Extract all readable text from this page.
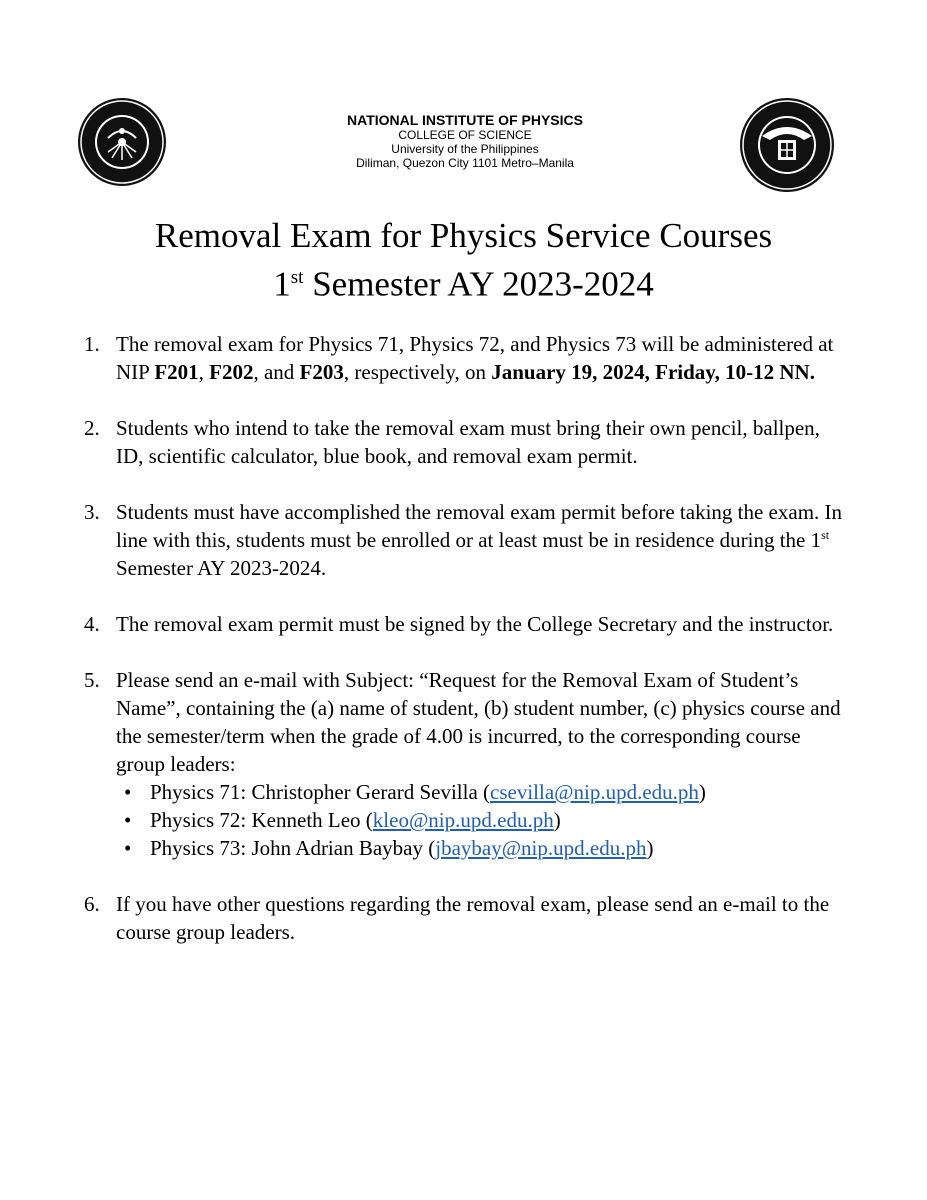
NATIONAL INSTITUTE OF PHYSICS
COLLEGE OF SCIENCE
University of the Philippines
Diliman, Quezon City 1101 Metro–Manila
Removal Exam for Physics Service Courses
1st Semester AY 2023-2024
1. The removal exam for Physics 71, Physics 72, and Physics 73 will be administered at NIP F201, F202, and F203, respectively, on January 19, 2024, Friday, 10-12 NN.
2. Students who intend to take the removal exam must bring their own pencil, ballpen, ID, scientific calculator, blue book, and removal exam permit.
3. Students must have accomplished the removal exam permit before taking the exam. In line with this, students must be enrolled or at least must be in residence during the 1st Semester AY 2023-2024.
4. The removal exam permit must be signed by the College Secretary and the instructor.
5. Please send an e-mail with Subject: “Request for the Removal Exam of Student’s Name”, containing the (a) name of student, (b) student number, (c) physics course and the semester/term when the grade of 4.00 is incurred, to the corresponding course group leaders:
• Physics 71: Christopher Gerard Sevilla (csevilla@nip.upd.edu.ph)
• Physics 72: Kenneth Leo (kleo@nip.upd.edu.ph)
• Physics 73: John Adrian Baybay (jbaybay@nip.upd.edu.ph)
6. If you have other questions regarding the removal exam, please send an e-mail to the course group leaders.
